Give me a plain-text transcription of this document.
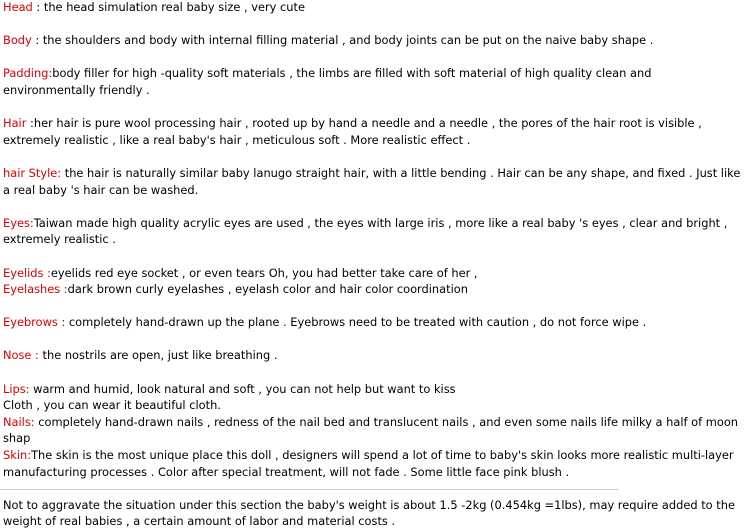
Head : the head simulation real baby size , very cute

Body : the shoulders and body with internal filling material , and body joints can be put on the naive baby shape .

Padding:body filler for high -quality soft materials , the limbs are filled with soft material of high quality clean and environmentally friendly .

Hair :her hair is pure wool processing hair , rooted up by hand a needle and a needle , the pores of the hair root is visible , extremely realistic , like a real baby's hair , meticulous soft . More realistic effect .

hair Style: the hair is naturally similar baby lanugo straight hair, with a little bending . Hair can be any shape, and fixed . Just like a real baby 's hair can be washed.

Eyes:Taiwan made high quality acrylic eyes are used , the eyes with large iris , more like a real baby 's eyes , clear and bright , extremely realistic .

Eyelids :eyelids red eye socket , or even tears Oh, you had better take care of her ,

Eyelashes :dark brown curly eyelashes , eyelash color and hair color coordination

Eyebrows : completely hand-drawn up the plane . Eyebrows need to be treated with caution , do not force wipe .

Nose : the nostrils are open, just like breathing .

Lips: warm and humid, look natural and soft , you can not help but want to kiss

Cloth , you can wear it beautiful cloth.

Nails: completely hand-drawn nails , redness of the nail bed and translucent nails , and even some nails life milky a half of moon shap

Skin:The skin is the most unique place this doll , designers will spend a lot of time to baby's skin looks more realistic multi-layer manufacturing processes . Color after special treatment, will not fade . Some little face pink blush .

Not to aggravate the situation under this section the baby's weight is about 1.5 -2kg (0.454kg =1lbs), may require added to the weight of real babies , a certain amount of labor and material costs .
